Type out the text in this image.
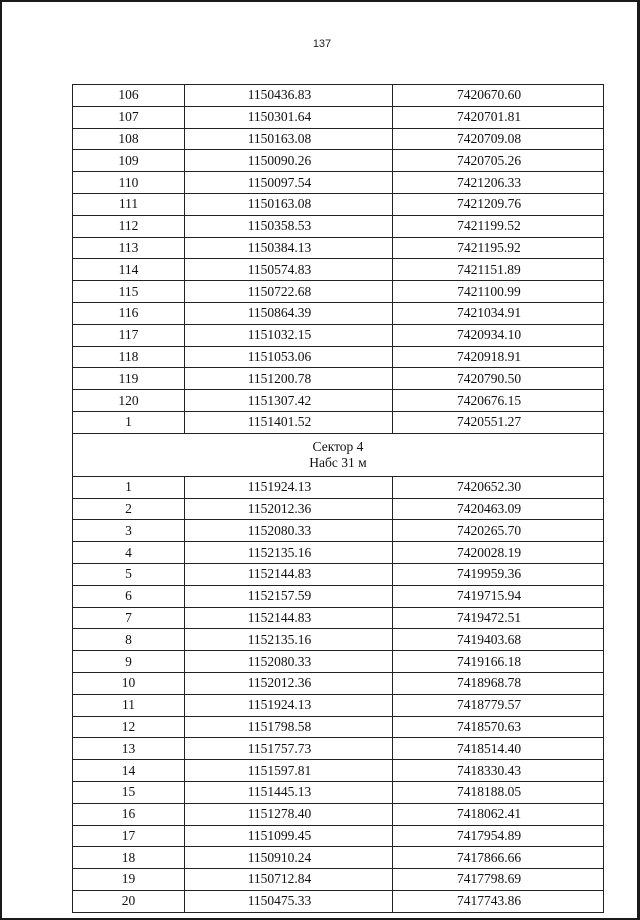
137
106	1150436.83	7420670.60
107	1150301.64	7420701.81
108	1150163.08	7420709.08
109	1150090.26	7420705.26
110	1150097.54	7421206.33
111	1150163.08	7421209.76
112	1150358.53	7421199.52
113	1150384.13	7421195.92
114	1150574.83	7421151.89
115	1150722.68	7421100.99
116	1150864.39	7421034.91
117	1151032.15	7420934.10
118	1151053.06	7420918.91
119	1151200.78	7420790.50
120	1151307.42	7420676.15
1	1151401.52	7420551.27

Сектор 4
Набс 31 м		

1	1151924.13	7420652.30
2	1152012.36	7420463.09
3	1152080.33	7420265.70
4	1152135.16	7420028.19
5	1152144.83	7419959.36
6	1152157.59	7419715.94
7	1152144.83	7419472.51
8	1152135.16	7419403.68
9	1152080.33	7419166.18
10	1152012.36	7418968.78
11	1151924.13	7418779.57
12	1151798.58	7418570.63
13	1151757.73	7418514.40
14	1151597.81	7418330.43
15	1151445.13	7418188.05
16	1151278.40	7418062.41
17	1151099.45	7417954.89
18	1150910.24	7417866.66
19	1150712.84	7417798.69
20	1150475.33	7417743.86
